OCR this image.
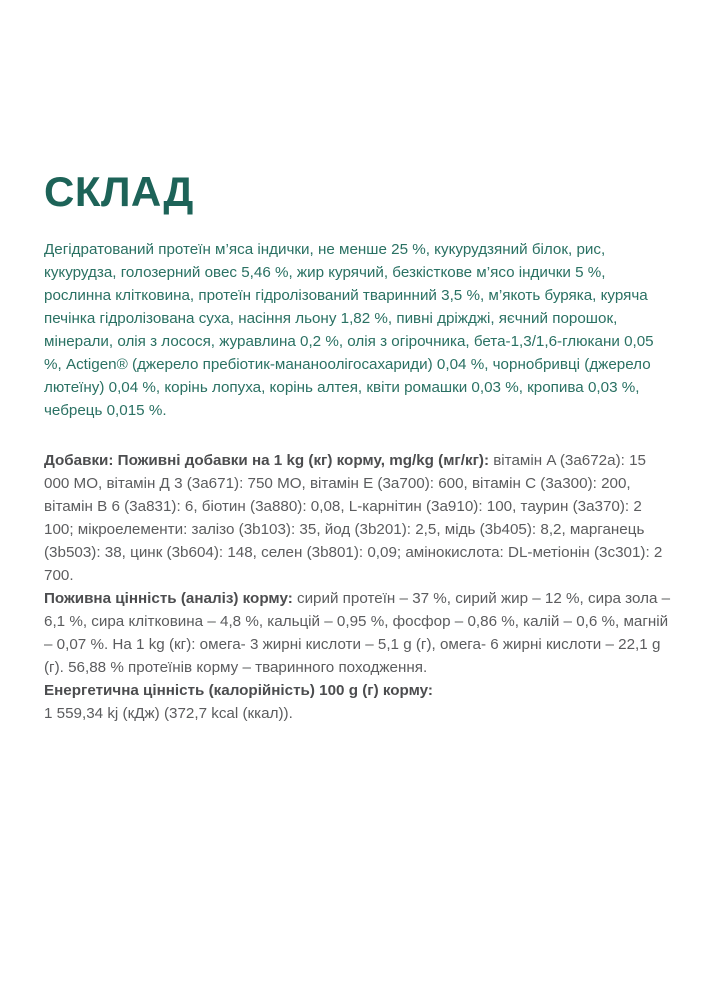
СКЛАД

Дегідратований протеїн м’яса індички, не менше 25 %, кукурудзяний білок, рис, кукурудза, голозерний овес 5,46 %, жир курячий, безкісткове м’ясо індички 5 %, рослинна клітковина, протеїн гідролізований тваринний 3,5 %, м’якоть буряка, куряча печінка гідролізована суха, насіння льону 1,82 %, пивні дріжджі, яєчний порошок, мінерали, олія з лосося, журавлина 0,2 %, олія з огірочника, бета-1,3/1,6-глюкани 0,05 %, Actigen® (джерело пребіотик-мананоолігосахариди) 0,04 %, чорнобривці (джерело лютеїну) 0,04 %, корінь лопуха, корінь алтея, квіти ромашки 0,03 %, кропива 0,03 %, чебрець 0,015 %.

Добавки: Поживні добавки на 1 kg (кг) корму, mg/kg (мг/кг): вітамін A (3a672a): 15 000 МО, вітамін Д 3 (3a671): 750 МО, вітамін E (3a700): 600, вітамін C (3a300): 200, вітамін B 6 (3a831): 6, біотин (3a880): 0,08, L-карнітин (3a910): 100, таурин (3a370): 2 100; мікроелементи: залізо (3b103): 35, йод (3b201): 2,5, мідь (3b405): 8,2, марганець (3b503): 38, цинк (3b604): 148, селен (3b801): 0,09; амінокислота: DL-метіонін (3c301): 2 700.

Поживна цінність (аналіз) корму: сирий протеїн – 37 %, сирий жир – 12 %, сира зола – 6,1 %, сира клітковина – 4,8 %, кальцій – 0,95 %, фосфор – 0,86 %, калій – 0,6 %, магній – 0,07 %. На 1 kg (кг): омега- 3 жирні кислоти – 5,1 g (г), омега- 6 жирні кислоти – 22,1 g (г). 56,88 % протеїнів корму – тваринного походження.

Енергетична цінність (калорійність) 100 g (г) корму:
1 559,34 kj (кДж) (372,7 kcal (ккал)).
